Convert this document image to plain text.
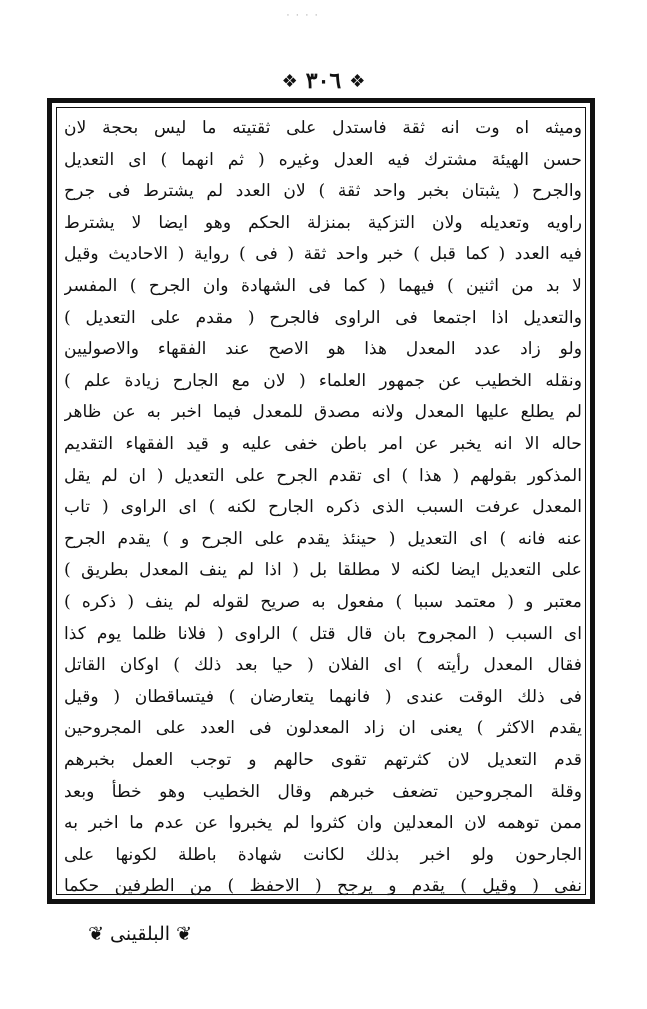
٠ ٠ ٠ ٠
❖
٣٠٦
❖
وميثه اه وت انه ثقة فاستدل على ثقتيته ما ليس بحجة لان
حسن الهيئة مشترك فيه العدل وغيره ( ثم انهما ) اى التعديل
والجرح ( يثبتان بخبر واحد ثقة ) لان العدد لم يشترط فى جرح
راويه وتعديله ولان التزكية بمنزلة الحكم وهو ايضا لا يشترط
فيه العدد ( كما قبل ) خبر واحد ثقة ( فى ) رواية ( الاحاديث وقيل
لا بد من اثنين ) فيهما ( كما فى الشهادة وان الجرح ) المفسر
والتعديل اذا اجتمعا فى الراوى فالجرح ( مقدم على التعديل )
ولو زاد عدد المعدل هذا هو الاصح عند الفقهاء والاصوليين
ونقله الخطيب عن جمهور العلماء ( لان مع الجارح زيادة علم )
لم يطلع عليها المعدل ولانه مصدق للمعدل فيما اخبر به عن ظاهر
حاله الا انه يخبر عن امر باطن خفى عليه و قيد الفقهاء التقديم
المذكور بقولهم ( هذا ) اى تقدم الجرح على التعديل ( ان لم يقل
المعدل عرفت السبب الذى ذكره الجارح لكنه ) اى الراوى ( تاب
عنه فانه ) اى التعديل ( حينئذ يقدم على الجرح و ) يقدم الجرح
على التعديل ايضا لكنه لا مطلقا بل ( اذا لم ينف المعدل بطريق )
معتبر و ( معتمد سببا ) مفعول به صريح لقوله لم ينف ( ذكره )
اى السبب ( المجروح بان قال قتل ) الراوى ( فلانا ظلما يوم كذا
فقال المعدل رأيته ) اى الفلان ( حيا بعد ذلك ) اوكان القاتل
فى ذلك الوقت عندى ( فانهما يتعارضان ) فيتساقطان ( وقيل
يقدم الاكثر ) يعنى ان زاد المعدلون فى العدد على المجروحين
قدم التعديل لان كثرتهم تقوى حالهم و توجب العمل بخبرهم
وقلة المجروحين تضعف خبرهم وقال الخطيب وهو خطأ وبعد
ممن توهمه لان المعدلين وان كثروا لم يخبروا عن عدم ما اخبر به
الجارحون ولو اخبر بذلك لكانت شهادة باطلة لكونها على
نفى ( وقيل ) يقدم و يرجح ( الاحفظ ) من الطرفين حكما
❦ البلقينى ❦
